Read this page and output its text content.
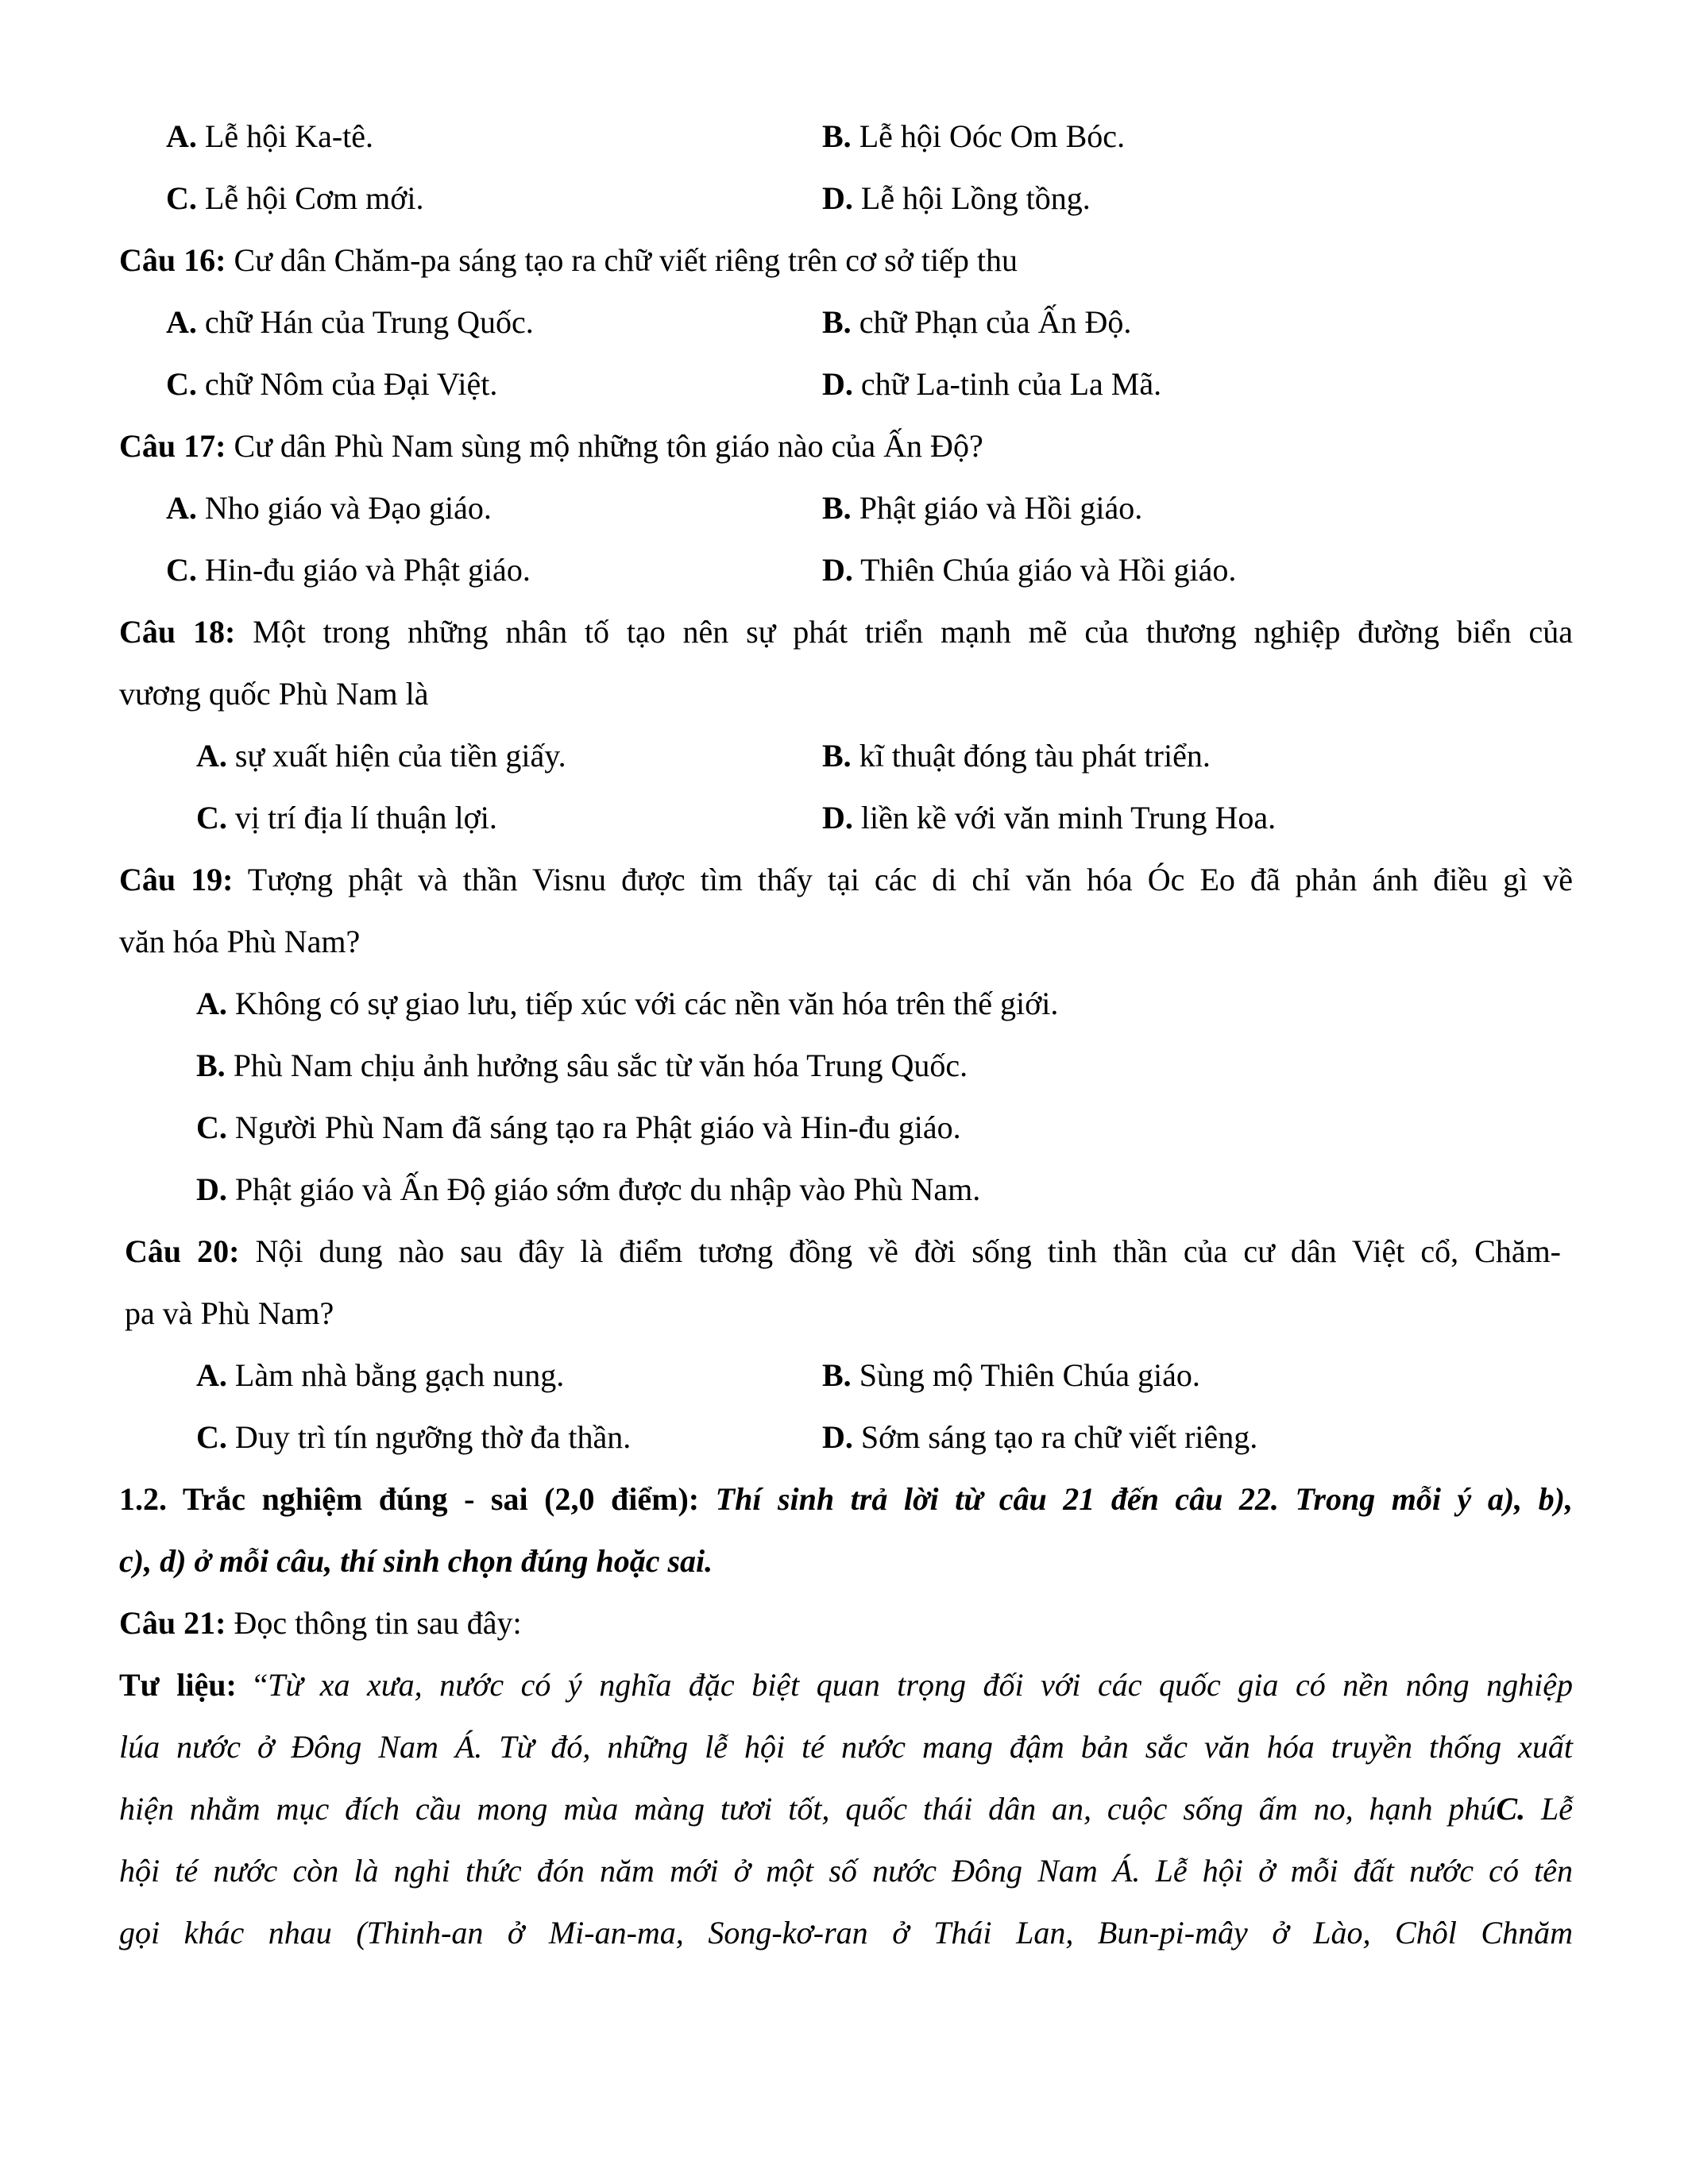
A. Lễ hội Ka-tê.	B. Lễ hội Oóc Om Bóc.
C. Lễ hội Cơm mới.	D. Lễ hội Lồng tồng.
Câu 16: Cư dân Chăm-pa sáng tạo ra chữ viết riêng trên cơ sở tiếp thu
A. chữ Hán của Trung Quốc.	B. chữ Phạn của Ấn Độ.
C. chữ Nôm của Đại Việt.	D. chữ La-tinh của La Mã.
Câu 17: Cư dân Phù Nam sùng mộ những tôn giáo nào của Ấn Độ?
A. Nho giáo và Đạo giáo.	B. Phật giáo và Hồi giáo.
C. Hin-đu giáo và Phật giáo.	D. Thiên Chúa giáo và Hồi giáo.
Câu 18: Một trong những nhân tố tạo nên sự phát triển mạnh mẽ của thương nghiệp đường biển của
vương quốc Phù Nam là
A. sự xuất hiện của tiền giấy.	B. kĩ thuật đóng tàu phát triển.
C. vị trí địa lí thuận lợi.	D. liền kề với văn minh Trung Hoa.
Câu 19: Tượng phật và thần Visnu được tìm thấy tại các di chỉ văn hóa Óc Eo đã phản ánh điều gì về
văn hóa Phù Nam?
A. Không có sự giao lưu, tiếp xúc với các nền văn hóa trên thế giới.
B. Phù Nam chịu ảnh hưởng sâu sắc từ văn hóa Trung Quốc.
C. Người Phù Nam đã sáng tạo ra Phật giáo và Hin-đu giáo.
D. Phật giáo và Ấn Độ giáo sớm được du nhập vào Phù Nam.
Câu 20: Nội dung nào sau đây là điểm tương đồng về đời sống tinh thần của cư dân Việt cổ, Chăm-
pa và Phù Nam?
A. Làm nhà bằng gạch nung.	B. Sùng mộ Thiên Chúa giáo.
C. Duy trì tín ngưỡng thờ đa thần.	D. Sớm sáng tạo ra chữ viết riêng.
1.2. Trắc nghiệm đúng - sai (2,0 điểm): Thí sinh trả lời từ câu 21 đến câu 22. Trong mỗi ý a), b),
c), d) ở mỗi câu, thí sinh chọn đúng hoặc sai.
Câu 21: Đọc thông tin sau đây:
Tư liệu: “Từ xa xưa, nước có ý nghĩa đặc biệt quan trọng đối với các quốc gia có nền nông nghiệp
lúa nước ở Đông Nam Á. Từ đó, những lễ hội té nước mang đậm bản sắc văn hóa truyền thống xuất
hiện nhằm mục đích cầu mong mùa màng tươi tốt, quốc thái dân an, cuộc sống ấm no, hạnh phúC. Lễ
hội té nước còn là nghi thức đón năm mới ở một số nước Đông Nam Á. Lễ hội ở mỗi đất nước có tên
gọi khác nhau (Thinh-an ở Mi-an-ma, Song-kơ-ran ở Thái Lan, Bun-pi-mây ở Lào, Chôl Chnăm
